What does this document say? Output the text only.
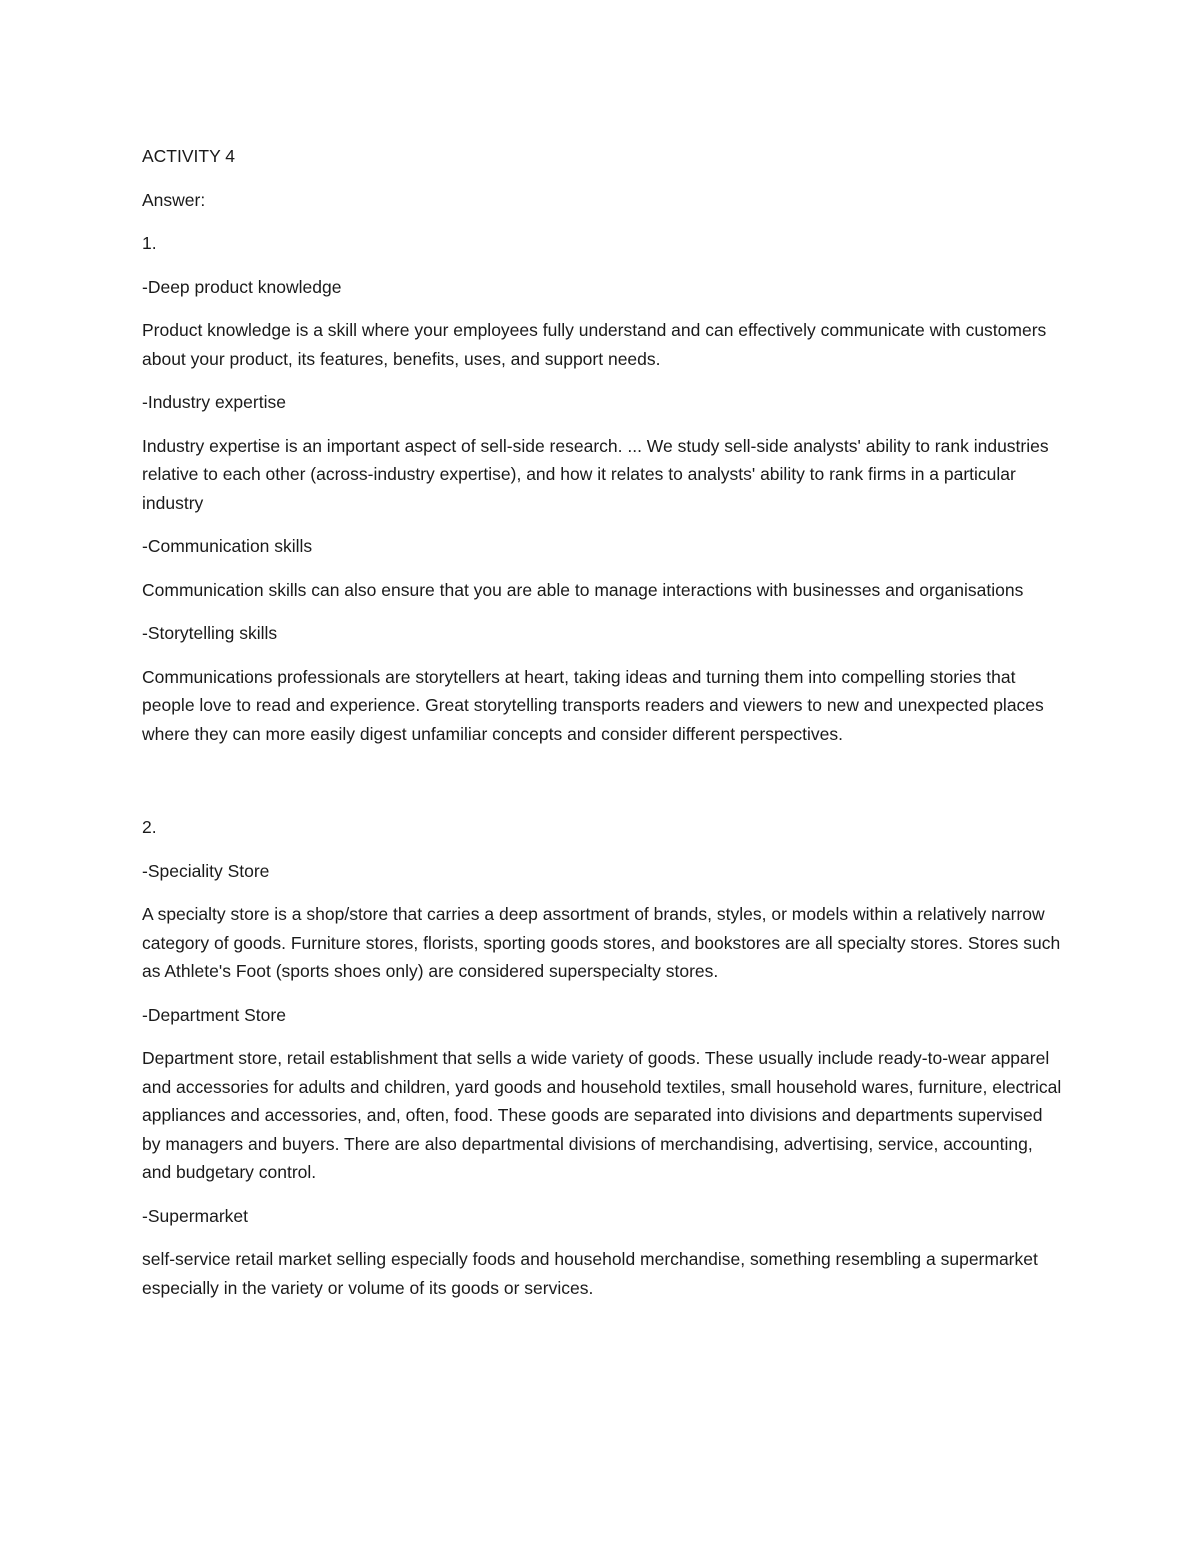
ACTIVITY 4

Answer:

1.

-Deep product knowledge

Product knowledge is a skill where your employees fully understand and can effectively communicate with customers about your product, its features, benefits, uses, and support needs.

-Industry expertise

Industry expertise is an important aspect of sell-side research. ... We study sell-side analysts' ability to rank industries relative to each other (across-industry expertise), and how it relates to analysts' ability to rank firms in a particular industry

-Communication skills

Communication skills can also ensure that you are able to manage interactions with businesses and organisations

-Storytelling skills

Communications professionals are storytellers at heart, taking ideas and turning them into compelling stories that people love to read and experience. Great storytelling transports readers and viewers to new and unexpected places where they can more easily digest unfamiliar concepts and consider different perspectives.

2.

-Speciality Store

A specialty store is a shop/store that carries a deep assortment of brands, styles, or models within a relatively narrow category of goods. Furniture stores, florists, sporting goods stores, and bookstores are all specialty stores. Stores such as Athlete's Foot (sports shoes only) are considered superspecialty stores.

-Department Store

Department store, retail establishment that sells a wide variety of goods. These usually include ready-to-wear apparel and accessories for adults and children, yard goods and household textiles, small household wares, furniture, electrical appliances and accessories, and, often, food. These goods are separated into divisions and departments supervised by managers and buyers. There are also departmental divisions of merchandising, advertising, service, accounting, and budgetary control.

-Supermarket

self-service retail market selling especially foods and household merchandise, something resembling a supermarket especially in the variety or volume of its goods or services.
